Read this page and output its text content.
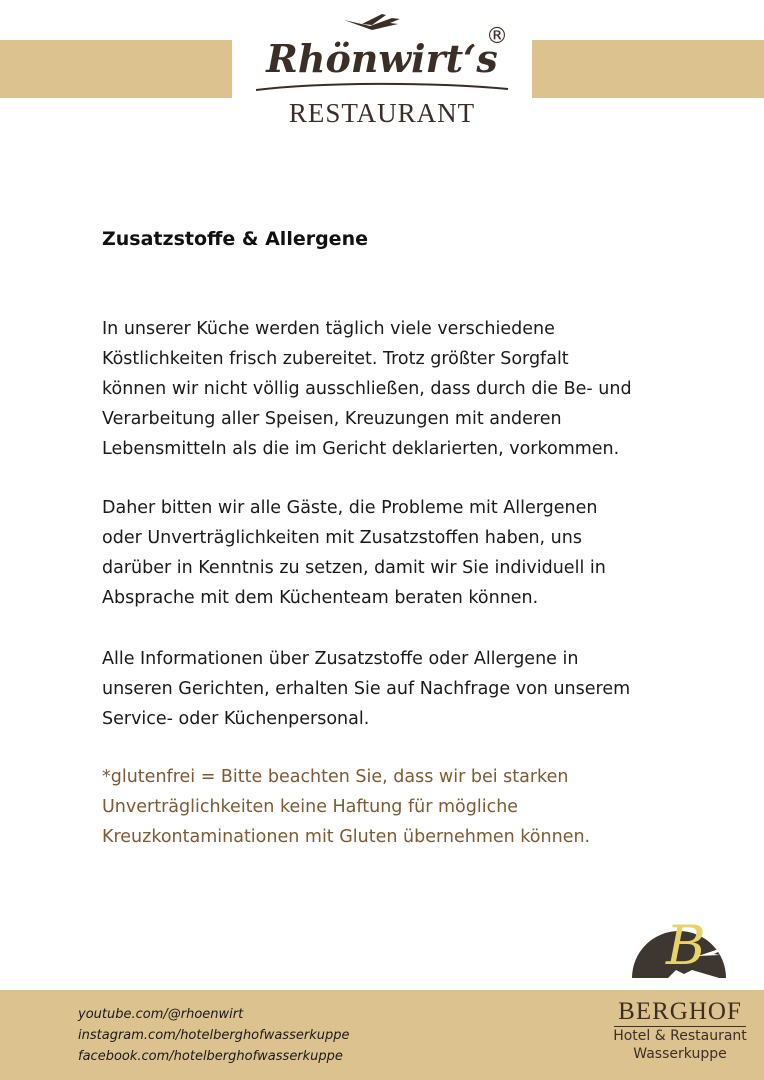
Rhönwirt‘s
®
RESTAURANT
Zusatzstoffe & Allergene
In unserer Küche werden täglich viele verschiedene
Köstlichkeiten frisch zubereitet. Trotz größter Sorgfalt
können wir nicht völlig ausschließen, dass durch die Be- und
Verarbeitung aller Speisen, Kreuzungen mit anderen
Lebensmitteln als die im Gericht deklarierten, vorkommen.
Daher bitten wir alle Gäste, die Probleme mit Allergenen
oder Unverträglichkeiten mit Zusatzstoffen haben, uns
darüber in Kenntnis zu setzen, damit wir Sie individuell in
Absprache mit dem Küchenteam beraten können.
Alle Informationen über Zusatzstoffe oder Allergene in
unseren Gerichten, erhalten Sie auf Nachfrage von unserem
Service- oder Küchenpersonal.
*glutenfrei = Bitte beachten Sie, dass wir bei starken
Unverträglichkeiten keine Haftung für mögliche
Kreuzkontaminationen mit Gluten übernehmen können.
B
youtube.com/@rhoenwirt
instagram.com/hotelberghofwasserkuppe
facebook.com/hotelberghofwasserkuppe
BERGHOF
Hotel & Restaurant
Wasserkuppe
